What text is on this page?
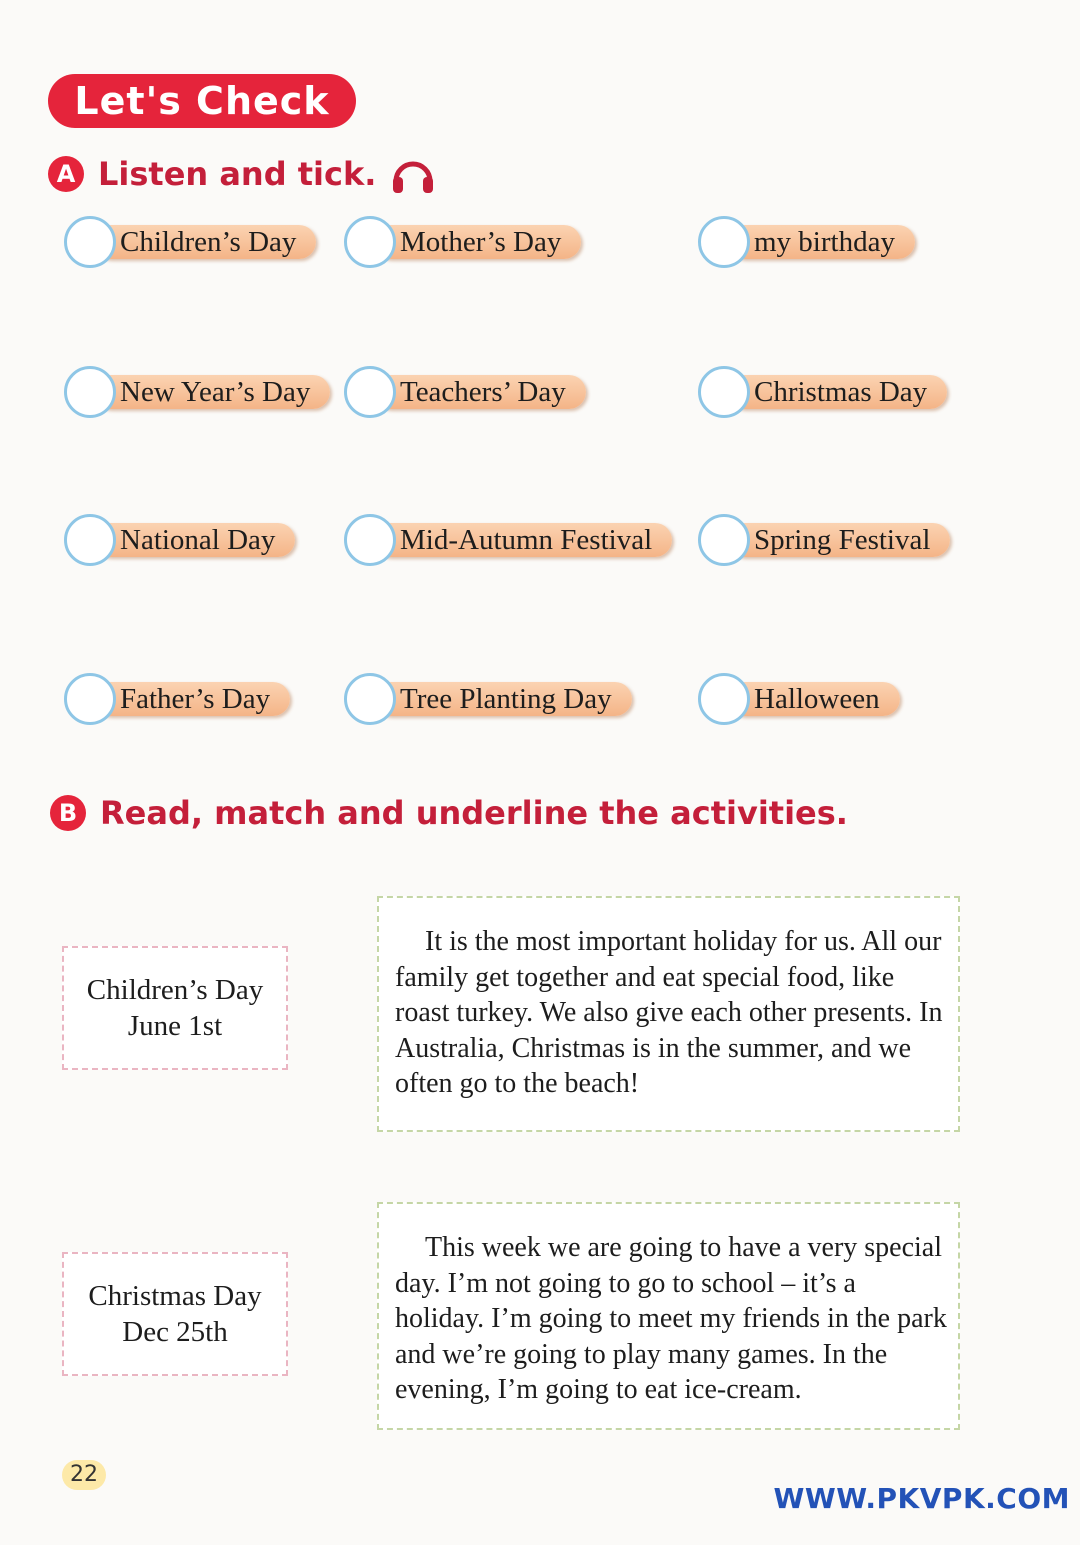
Let's Check
A Listen and tick.
Children’s Day	Mother’s Day	my birthday
New Year’s Day	Teachers’ Day	Christmas Day
National Day	Mid-Autumn Festival	Spring Festival
Father’s Day	Tree Planting Day	Halloween
B Read, match and underline the activities.
Children’s Day
June 1st
Christmas Day
Dec 25th

It is the most important holiday for us. All our family get together and eat special food, like roast turkey. We also give each other presents. In Australia, Christmas is in the summer, and we often go to the beach!

This week we are going to have a very special day. I’m not going to go to school – it’s a holiday. I’m going to meet my friends in the park and we’re going to play many games. In the evening, I’m going to eat ice-cream.

22
WWW.PKVPK.COM
